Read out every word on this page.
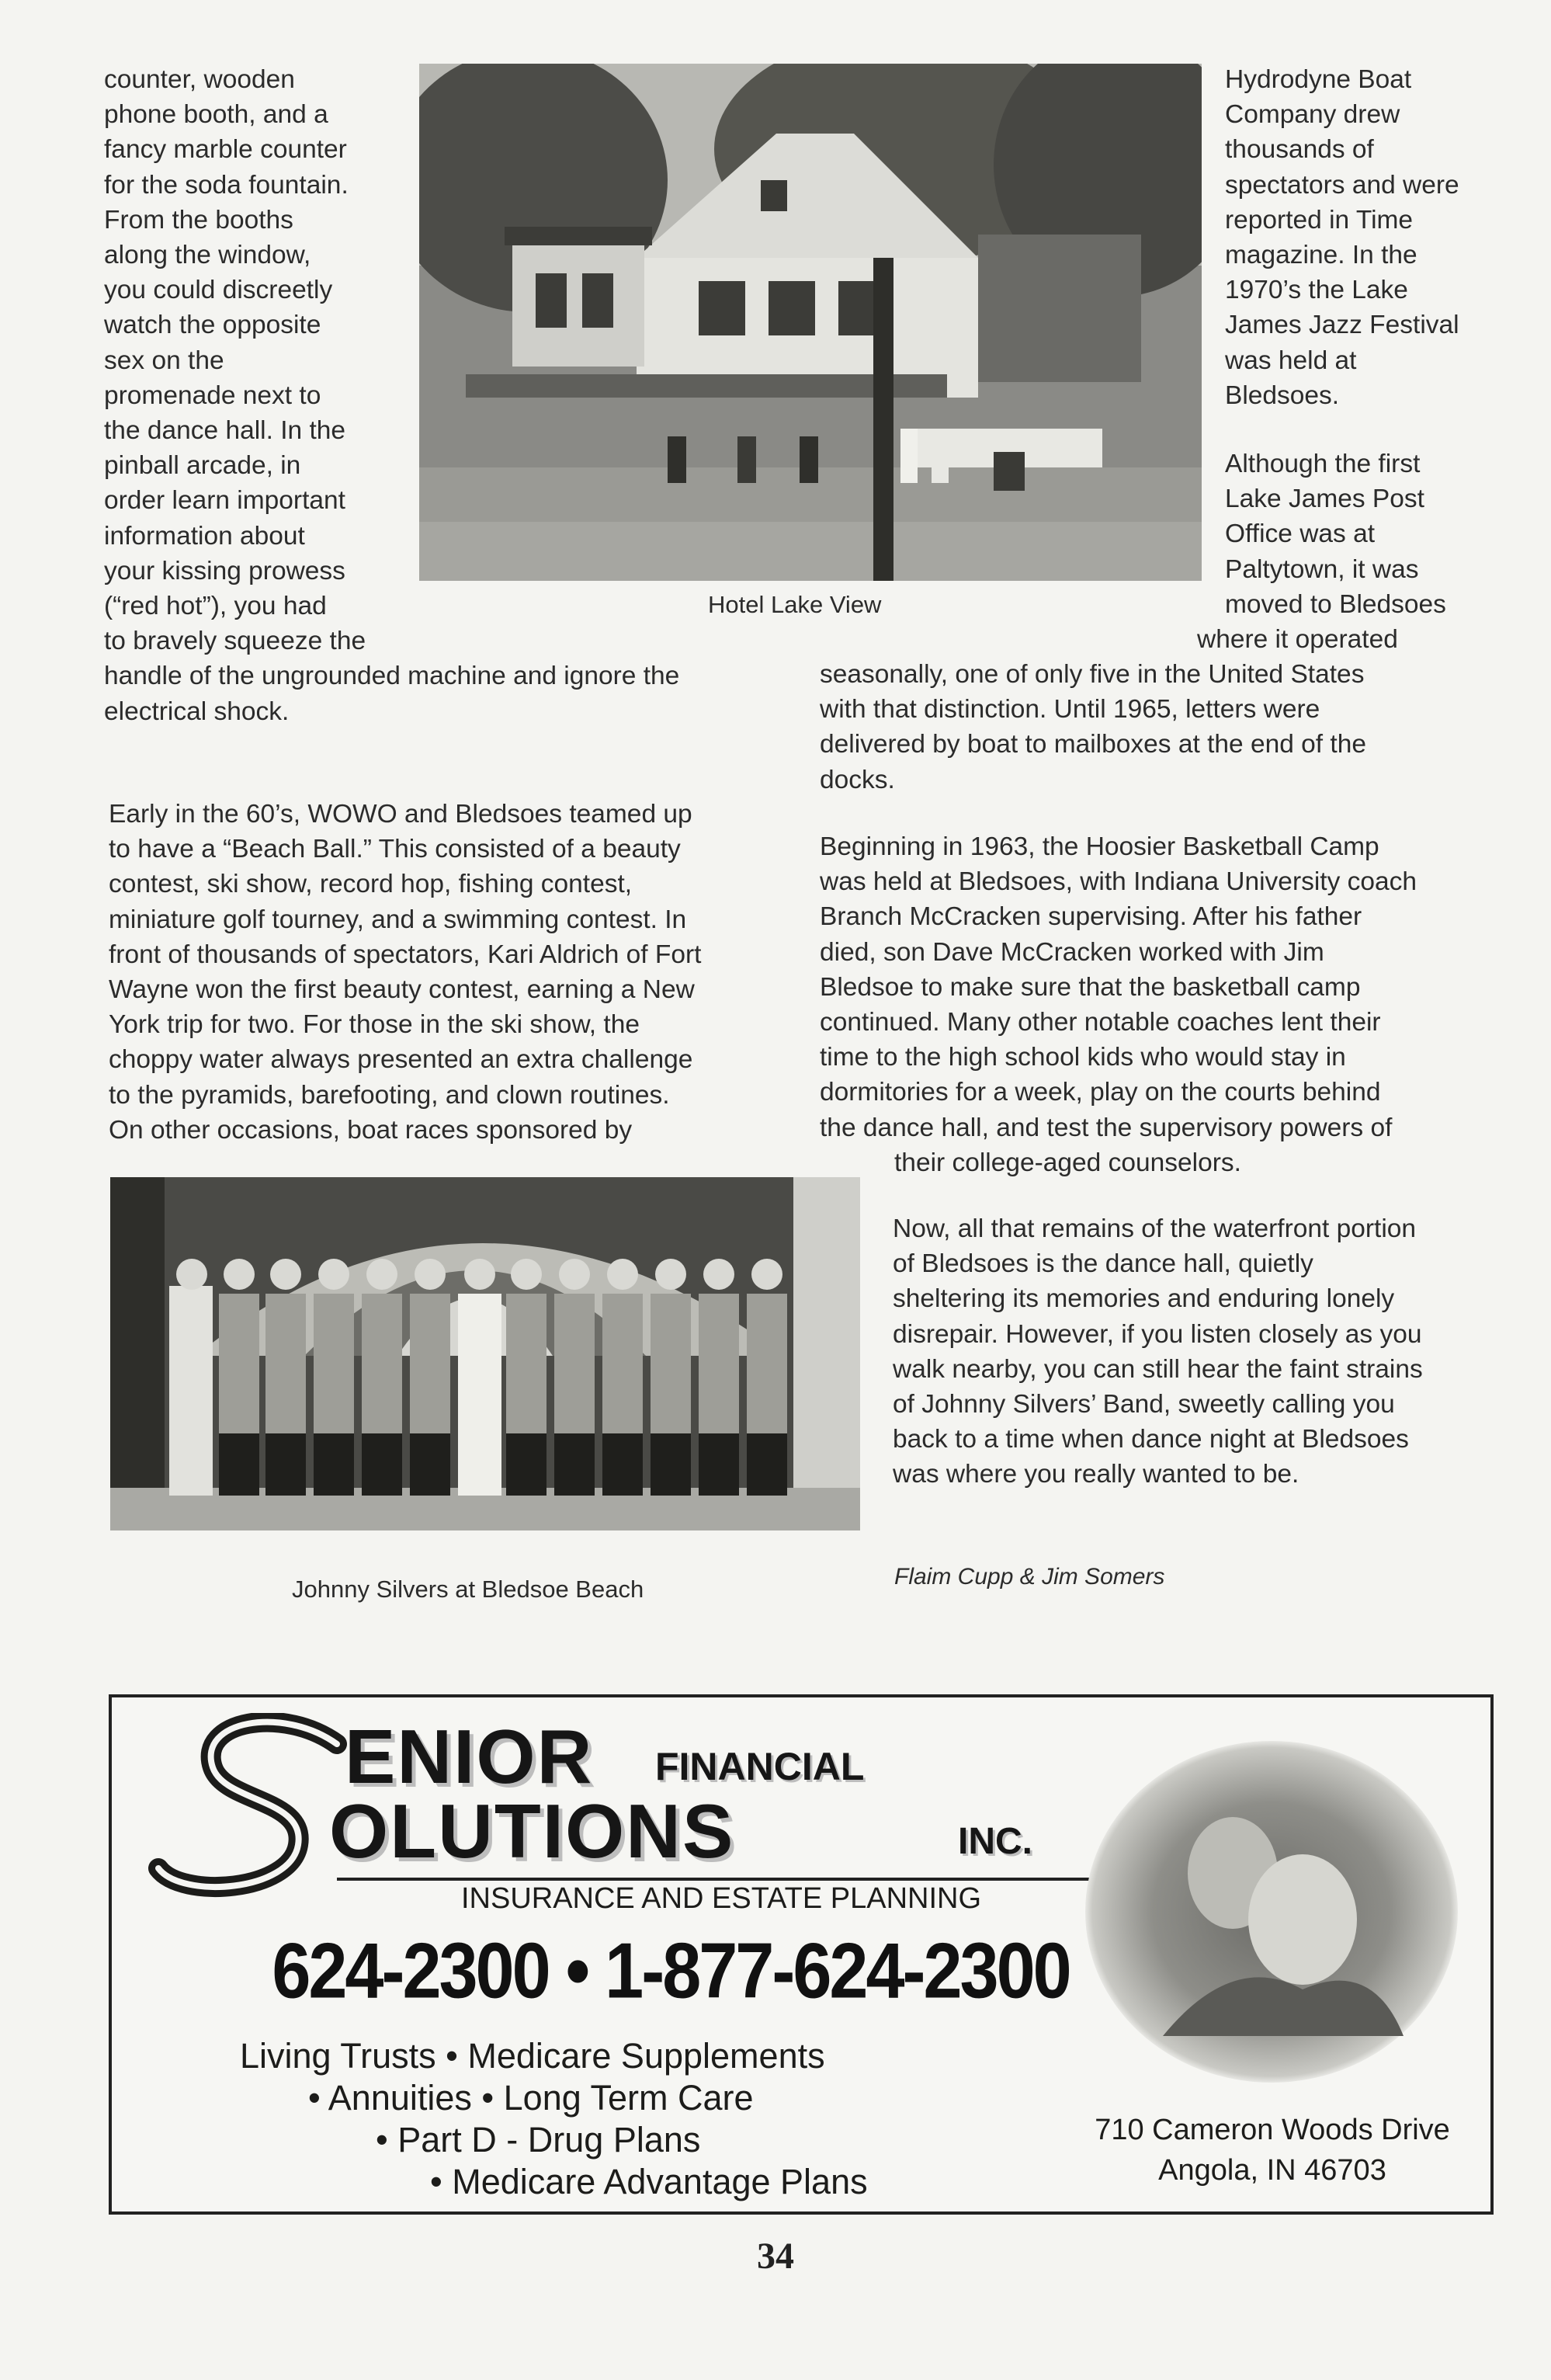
counter, wooden
phone booth, and a
fancy marble counter
for the soda fountain.
From the booths
along the window,
you could discreetly
watch the opposite
sex on the
promenade next to
the dance hall. In the
pinball arcade, in
order learn important
information about
your kissing prowess
(“red hot”), you had
to bravely squeeze the
handle of the ungrounded machine and ignore the
electrical shock.
Hotel Lake View
Hydrodyne Boat
Company drew
thousands of
spectators and were
reported in Time
magazine. In the
1970’s the Lake
James Jazz Festival
was held at
Bledsoes.
Although the first
Lake James Post
Office was at
Paltytown, it was
moved to Bledsoes
where it operated
seasonally, one of only five in the United States
with that distinction. Until 1965, letters were
delivered by boat to mailboxes at the end of the
docks.
Early in the 60’s, WOWO and Bledsoes teamed up
to have a “Beach Ball.” This consisted of a beauty
contest, ski show, record hop, fishing contest,
miniature golf tourney, and a swimming contest. In
front of thousands of spectators, Kari Aldrich of Fort
Wayne won the first beauty contest, earning a New
York trip for two. For those in the ski show, the
choppy water always presented an extra challenge
to the pyramids, barefooting, and clown routines.
On other occasions, boat races sponsored by
Beginning in 1963, the Hoosier Basketball Camp
was held at Bledsoes, with Indiana University coach
Branch McCracken supervising. After his father
died, son Dave McCracken worked with Jim
Bledsoe to make sure that the basketball camp
continued. Many other notable coaches lent their
time to the high school kids who would stay in
dormitories for a week, play on the courts behind
the dance hall, and test the supervisory powers of
their college-aged counselors.
Johnny Silvers at Bledsoe Beach
Now, all that remains of the waterfront portion
of Bledsoes is the dance hall, quietly
sheltering its memories and enduring lonely
disrepair. However, if you listen closely as you
walk nearby, you can still hear the faint strains
of Johnny Silvers’ Band, sweetly calling you
back to a time when dance night at Bledsoes
was where you really wanted to be.
Flaim Cupp & Jim Somers
ENIOR FINANCIAL
OLUTIONS	INC.
INSURANCE AND ESTATE PLANNING
624-2300 • 1-877-624-2300
Living Trusts • Medicare Supplements
• Annuities • Long Term Care
• Part D - Drug Plans
• Medicare Advantage Plans
710 Cameron Woods Drive
Angola, IN 46703
34
